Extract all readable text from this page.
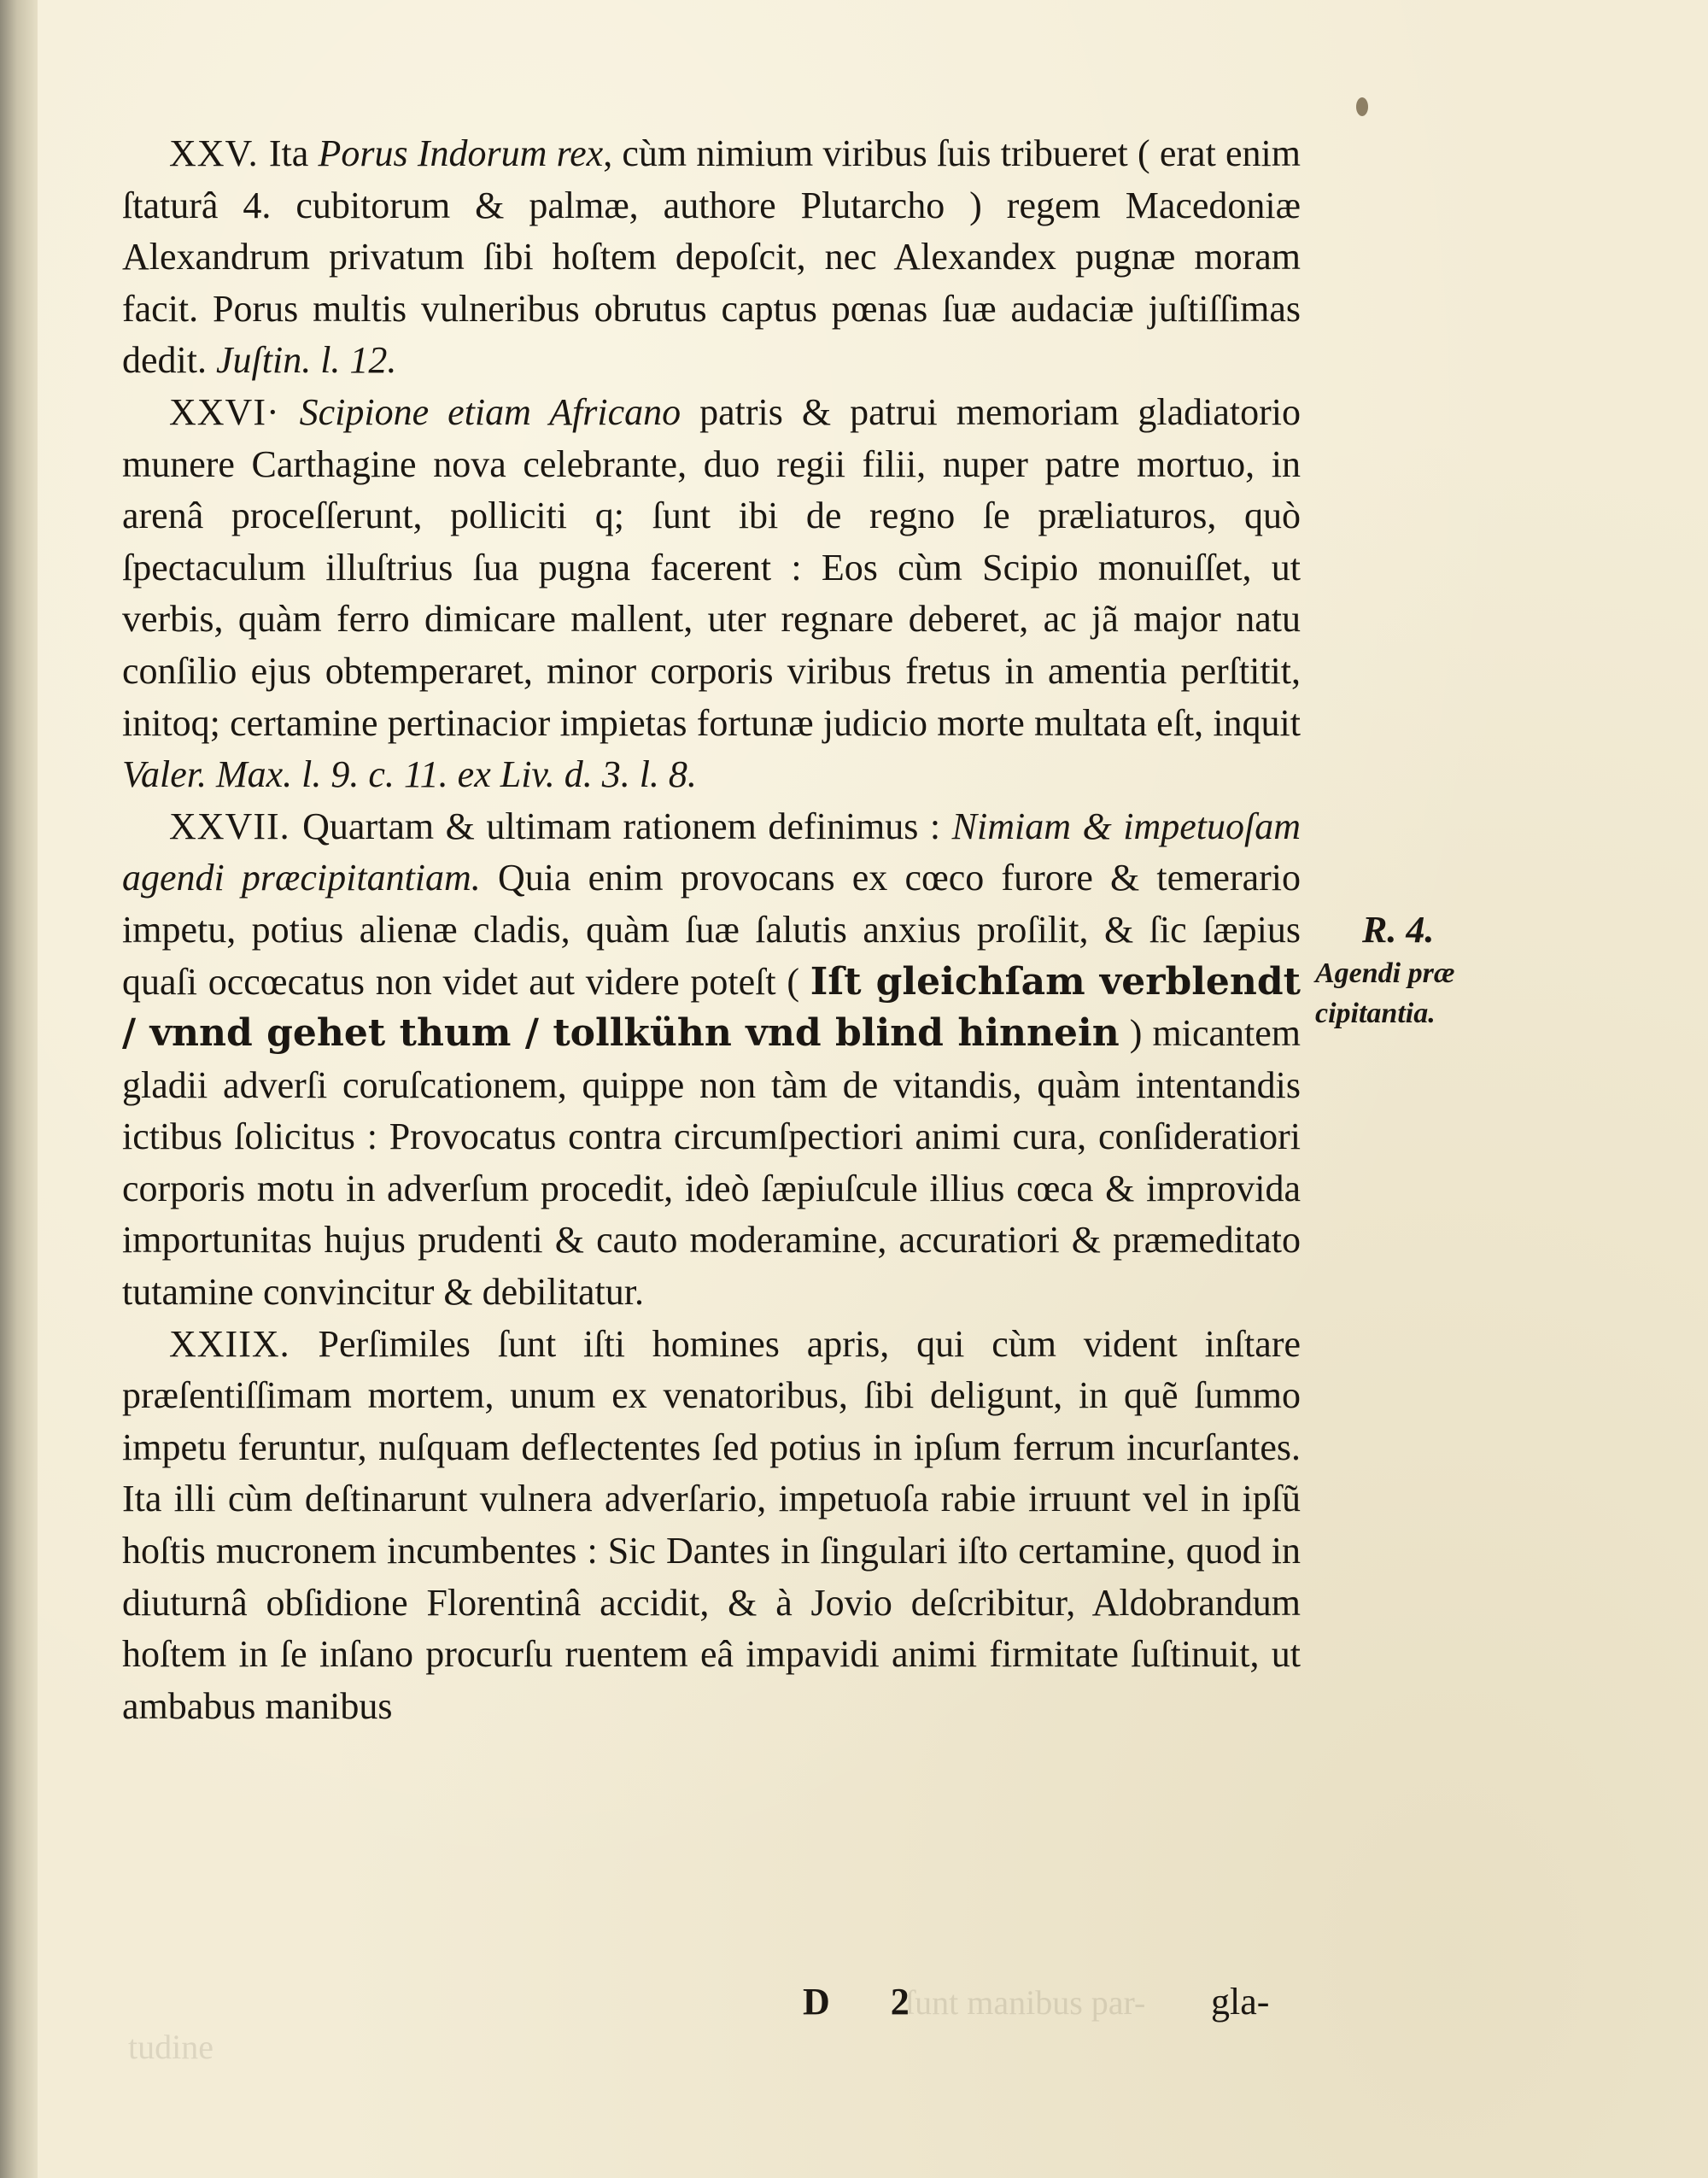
tudine
ſunt manibus par-

XXV. Ita Porus Indorum rex, cùm nimium viribus ſuis tribueret ( erat enim ſtaturâ 4. cubitorum & palmæ, authore Plutarcho ) regem Macedoniæ Alexandrum privatum ſibi hoſtem depoſcit, nec Alexandex pugnæ moram facit. Porus multis vulneribus obrutus captus pœnas ſuæ audaciæ juſtiſſimas dedit. Juſtin. l. 12.

XXVI· Scipione etiam Africano patris & patrui memoriam gladiatorio munere Carthagine nova celebrante, duo regii filii, nuper patre mortuo, in arenâ proceſſerunt, polliciti q; ſunt ibi de regno ſe præliaturos, quò ſpectaculum illuſtrius ſua pugna facerent : Eos cùm Scipio monuiſſet, ut verbis, quàm ferro dimicare mallent, uter regnare deberet, ac jã major natu conſilio ejus obtemperaret, minor corporis viribus fretus in amentia perſtitit, initoq; certamine pertinacior impietas fortunæ judicio morte multata eſt, inquit Valer. Max. l. 9. c. 11. ex Liv. d. 3. l. 8.

XXVII. Quartam & ultimam rationem definimus : Nimiam & impetuoſam agendi præcipitantiam. Quia enim provocans ex cœco furore & temerario impetu, potius alienæ cladis, quàm ſuæ ſalutis anxius proſilit, & ſic ſæpius quaſi occœcatus non videt aut videre poteſt ( Iſt gleichſam verblendt / vnnd gehet thum / tollkühn vnd blind hinnein ) micantem gladii adverſi coruſcationem, quippe non tàm de vitandis, quàm intentandis ictibus ſolicitus : Provocatus contra circumſpectiori animi cura, conſideratiori corporis motu in adverſum procedit, ideò ſæpiuſcule illius cœca & improvida importunitas hujus prudenti & cauto moderamine, accuratiori & præmeditato tutamine convincitur & debilitatur.

XXIIX. Perſimiles ſunt iſti homines apris, qui cùm vident inſtare præſentiſſimam mortem, unum ex venatoribus, ſibi deligunt, in quẽ ſummo impetu feruntur, nuſquam deflectentes ſed potius in ipſum ferrum incurſantes. Ita illi cùm deſtinarunt vulnera adverſario, impetuoſa rabie irruunt vel in ipſũ hoſtis mucronem incumbentes : Sic Dantes in ſingulari iſto certamine, quod in diuturnâ obſidione Florentinâ accidit, & à Jovio deſcribitur, Aldobrandum hoſtem in ſe inſano procurſu ruentem eâ impavidi animi firmitate ſuſtinuit, ut ambabus manibus

R. 4.
Agendi præ
cipitantia.
D 2	gla-
